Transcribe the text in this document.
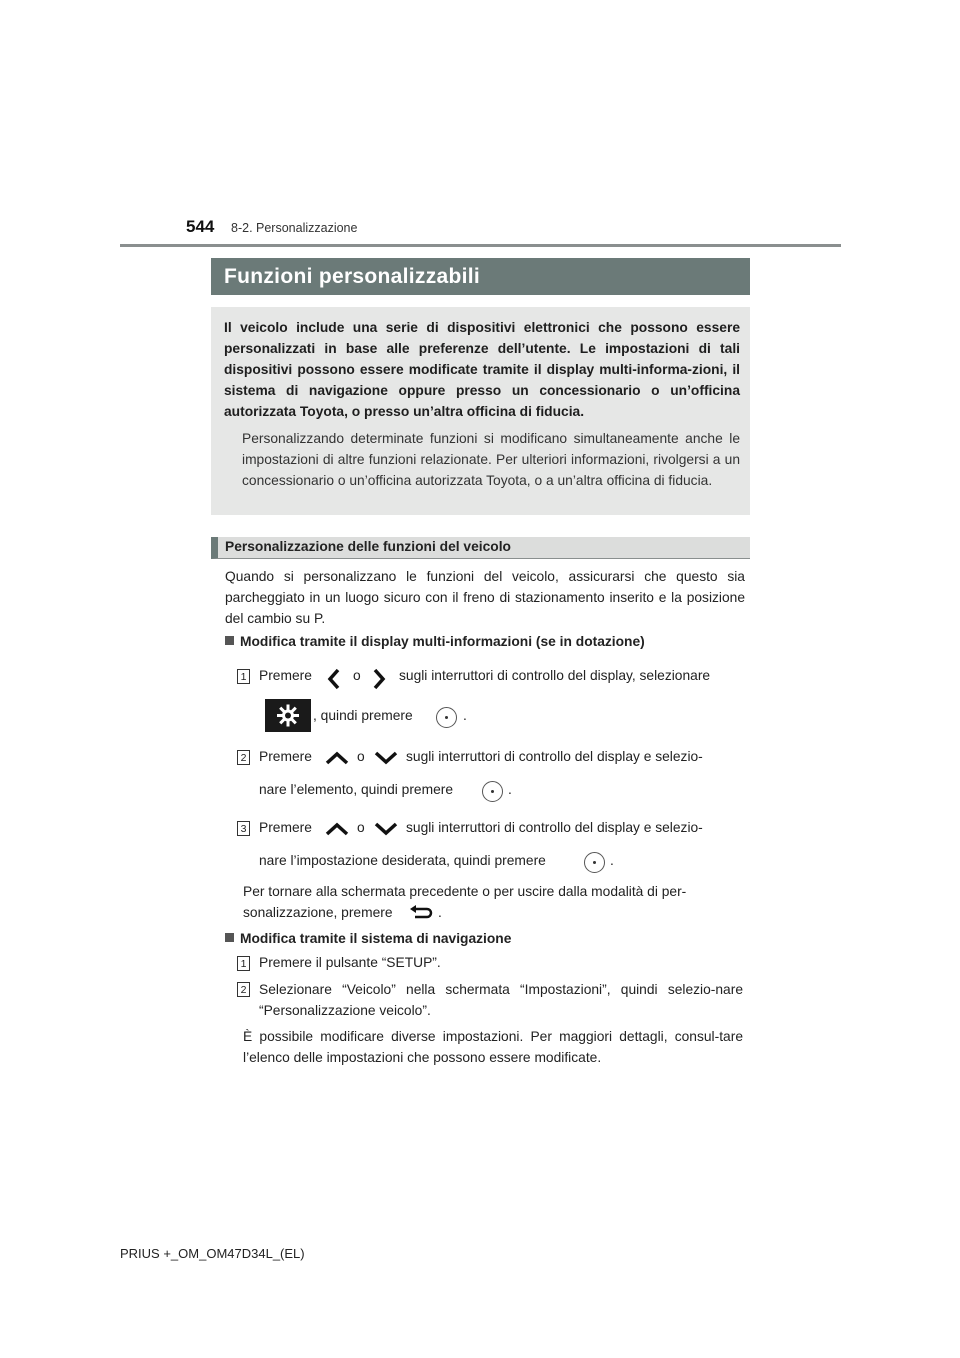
544 8-2. Personalizzazione
Funzioni personalizzabili

Il veicolo include una serie di dispositivi elettronici che possono essere personalizzati in base alle preferenze dell’utente. Le impostazioni di tali dispositivi possono essere modificate tramite il display multi-informa-zioni, il sistema di navigazione oppure presso un concessionario o un’officina autorizzata Toyota, o presso un’altra officina di fiducia.

Personalizzando determinate funzioni si modificano simultaneamente anche le impostazioni di altre funzioni relazionate. Per ulteriori informazioni, rivolgersi a un concessionario o un’officina autorizzata Toyota, o a un’altra officina di fiducia.

Personalizzazione delle funzioni del veicolo
Quando si personalizzano le funzioni del veicolo, assicurarsi che questo sia parcheggiato in un luogo sicuro con il freno di stazionamento inserito e la posizione del cambio su P.
Modifica tramite il display multi-informazioni (se in dotazione)
1 Premere	o	sugli interruttori di controllo del display, selezionare
, quindi premere	.
2 Premere	o	sugli interruttori di controllo del display e selezio-
nare l’elemento, quindi premere	.
3 Premere	o	sugli interruttori di controllo del display e selezio-
nare l’impostazione desiderata, quindi premere	.
Per tornare alla schermata precedente o per uscire dalla modalità di per-
sonalizzazione, premere	.
Modifica tramite il sistema di navigazione
1 Premere il pulsante “SETUP”.
2 Selezionare “Veicolo” nella schermata “Impostazioni”, quindi selezio-nare “Personalizzazione veicolo”.
È possibile modificare diverse impostazioni. Per maggiori dettagli, consul-tare l’elenco delle impostazioni che possono essere modificate.
PRIUS +_OM_OM47D34L_(EL)
